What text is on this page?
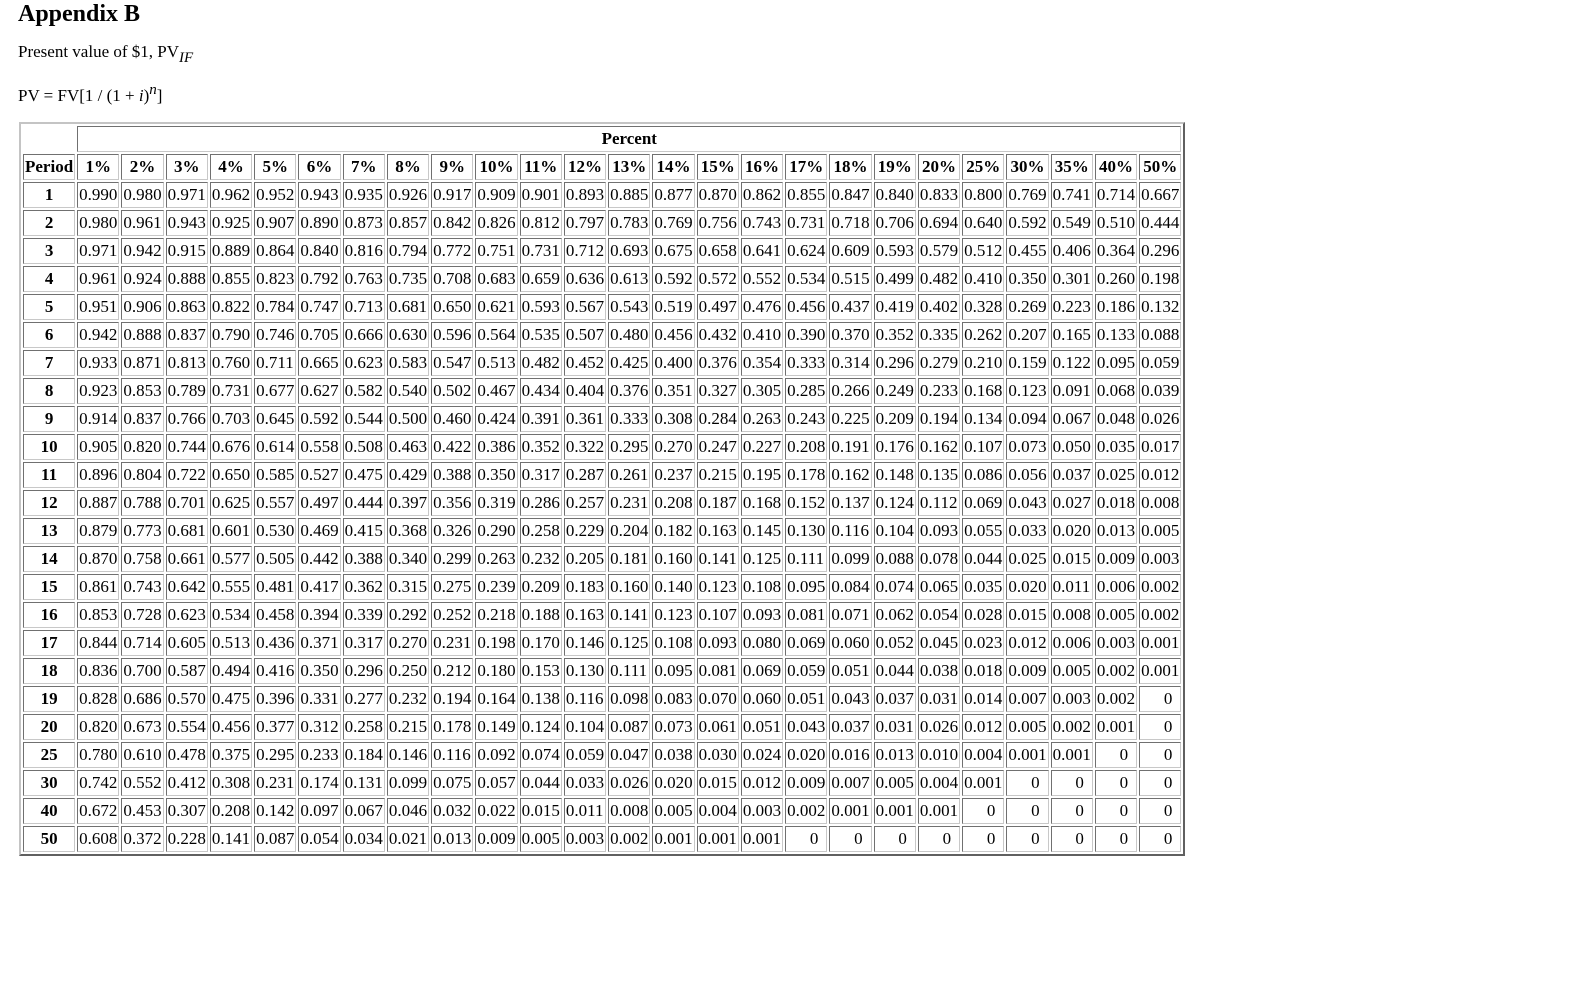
Appendix B
Present value of $1, $PV_{IF}$
PV = $FV[1 / (1 + i)^n]$
	Percent																								
Period	1%	2%	3%	4%	5%	6%	7%	8%	9%	10%	11%	12%	13%	14%	15%	16%	17%	18%	19%	20%	25%	30%	35%	40%	50%
1	0.990	0.980	0.971	0.962	0.952	0.943	0.935	0.926	0.917	0.909	0.901	0.893	0.885	0.877	0.870	0.862	0.855	0.847	0.840	0.833	0.800	0.769	0.741	0.714	0.667
2	0.980	0.961	0.943	0.925	0.907	0.890	0.873	0.857	0.842	0.826	0.812	0.797	0.783	0.769	0.756	0.743	0.731	0.718	0.706	0.694	0.640	0.592	0.549	0.510	0.444
3	0.971	0.942	0.915	0.889	0.864	0.840	0.816	0.794	0.772	0.751	0.731	0.712	0.693	0.675	0.658	0.641	0.624	0.609	0.593	0.579	0.512	0.455	0.406	0.364	0.296
4	0.961	0.924	0.888	0.855	0.823	0.792	0.763	0.735	0.708	0.683	0.659	0.636	0.613	0.592	0.572	0.552	0.534	0.515	0.499	0.482	0.410	0.350	0.301	0.260	0.198
5	0.951	0.906	0.863	0.822	0.784	0.747	0.713	0.681	0.650	0.621	0.593	0.567	0.543	0.519	0.497	0.476	0.456	0.437	0.419	0.402	0.328	0.269	0.223	0.186	0.132
6	0.942	0.888	0.837	0.790	0.746	0.705	0.666	0.630	0.596	0.564	0.535	0.507	0.480	0.456	0.432	0.410	0.390	0.370	0.352	0.335	0.262	0.207	0.165	0.133	0.088
7	0.933	0.871	0.813	0.760	0.711	0.665	0.623	0.583	0.547	0.513	0.482	0.452	0.425	0.400	0.376	0.354	0.333	0.314	0.296	0.279	0.210	0.159	0.122	0.095	0.059
8	0.923	0.853	0.789	0.731	0.677	0.627	0.582	0.540	0.502	0.467	0.434	0.404	0.376	0.351	0.327	0.305	0.285	0.266	0.249	0.233	0.168	0.123	0.091	0.068	0.039
9	0.914	0.837	0.766	0.703	0.645	0.592	0.544	0.500	0.460	0.424	0.391	0.361	0.333	0.308	0.284	0.263	0.243	0.225	0.209	0.194	0.134	0.094	0.067	0.048	0.026
10	0.905	0.820	0.744	0.676	0.614	0.558	0.508	0.463	0.422	0.386	0.352	0.322	0.295	0.270	0.247	0.227	0.208	0.191	0.176	0.162	0.107	0.073	0.050	0.035	0.017
11	0.896	0.804	0.722	0.650	0.585	0.527	0.475	0.429	0.388	0.350	0.317	0.287	0.261	0.237	0.215	0.195	0.178	0.162	0.148	0.135	0.086	0.056	0.037	0.025	0.012
12	0.887	0.788	0.701	0.625	0.557	0.497	0.444	0.397	0.356	0.319	0.286	0.257	0.231	0.208	0.187	0.168	0.152	0.137	0.124	0.112	0.069	0.043	0.027	0.018	0.008
13	0.879	0.773	0.681	0.601	0.530	0.469	0.415	0.368	0.326	0.290	0.258	0.229	0.204	0.182	0.163	0.145	0.130	0.116	0.104	0.093	0.055	0.033	0.020	0.013	0.005
14	0.870	0.758	0.661	0.577	0.505	0.442	0.388	0.340	0.299	0.263	0.232	0.205	0.181	0.160	0.141	0.125	0.111	0.099	0.088	0.078	0.044	0.025	0.015	0.009	0.003
15	0.861	0.743	0.642	0.555	0.481	0.417	0.362	0.315	0.275	0.239	0.209	0.183	0.160	0.140	0.123	0.108	0.095	0.084	0.074	0.065	0.035	0.020	0.011	0.006	0.002
16	0.853	0.728	0.623	0.534	0.458	0.394	0.339	0.292	0.252	0.218	0.188	0.163	0.141	0.123	0.107	0.093	0.081	0.071	0.062	0.054	0.028	0.015	0.008	0.005	0.002
17	0.844	0.714	0.605	0.513	0.436	0.371	0.317	0.270	0.231	0.198	0.170	0.146	0.125	0.108	0.093	0.080	0.069	0.060	0.052	0.045	0.023	0.012	0.006	0.003	0.001
18	0.836	0.700	0.587	0.494	0.416	0.350	0.296	0.250	0.212	0.180	0.153	0.130	0.111	0.095	0.081	0.069	0.059	0.051	0.044	0.038	0.018	0.009	0.005	0.002	0.001
19	0.828	0.686	0.570	0.475	0.396	0.331	0.277	0.232	0.194	0.164	0.138	0.116	0.098	0.083	0.070	0.060	0.051	0.043	0.037	0.031	0.014	0.007	0.003	0.002	0
20	0.820	0.673	0.554	0.456	0.377	0.312	0.258	0.215	0.178	0.149	0.124	0.104	0.087	0.073	0.061	0.051	0.043	0.037	0.031	0.026	0.012	0.005	0.002	0.001	0
25	0.780	0.610	0.478	0.375	0.295	0.233	0.184	0.146	0.116	0.092	0.074	0.059	0.047	0.038	0.030	0.024	0.020	0.016	0.013	0.010	0.004	0.001	0.001	0	0
30	0.742	0.552	0.412	0.308	0.231	0.174	0.131	0.099	0.075	0.057	0.044	0.033	0.026	0.020	0.015	0.012	0.009	0.007	0.005	0.004	0.001	0	0	0	0
40	0.672	0.453	0.307	0.208	0.142	0.097	0.067	0.046	0.032	0.022	0.015	0.011	0.008	0.005	0.004	0.003	0.002	0.001	0.001	0.001	0	0	0	0	0
50	0.608	0.372	0.228	0.141	0.087	0.054	0.034	0.021	0.013	0.009	0.005	0.003	0.002	0.001	0.001	0.001	0	0	0	0	0	0	0	0	0
